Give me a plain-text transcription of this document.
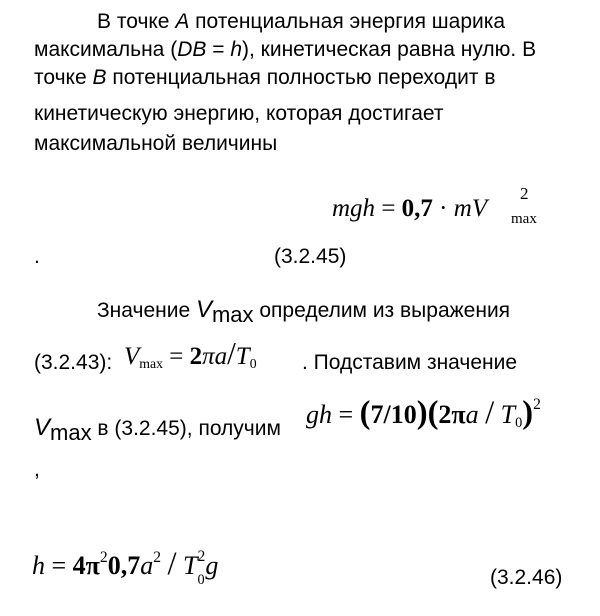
В точке A потенциальная энергия шарика
максимальна (DB = h), кинетическая равна нулю. В
точке B потенциальная полностью переходит в
кинетическую энергию, которая достигает
максимальной величины
mgh = 0,7 · mV
2
max
.	(3.2.45)
Значение Vmax определим из выражения
(3.2.43): Vmax = 2πa/T0 . Подставим значение
Vmax в (3.2.45), получим gh = (7/10)(2πa / T0)$^2$
,
$h = 4\pi^20,7a^2 / T$ 2
0 g	(3.2.46)
